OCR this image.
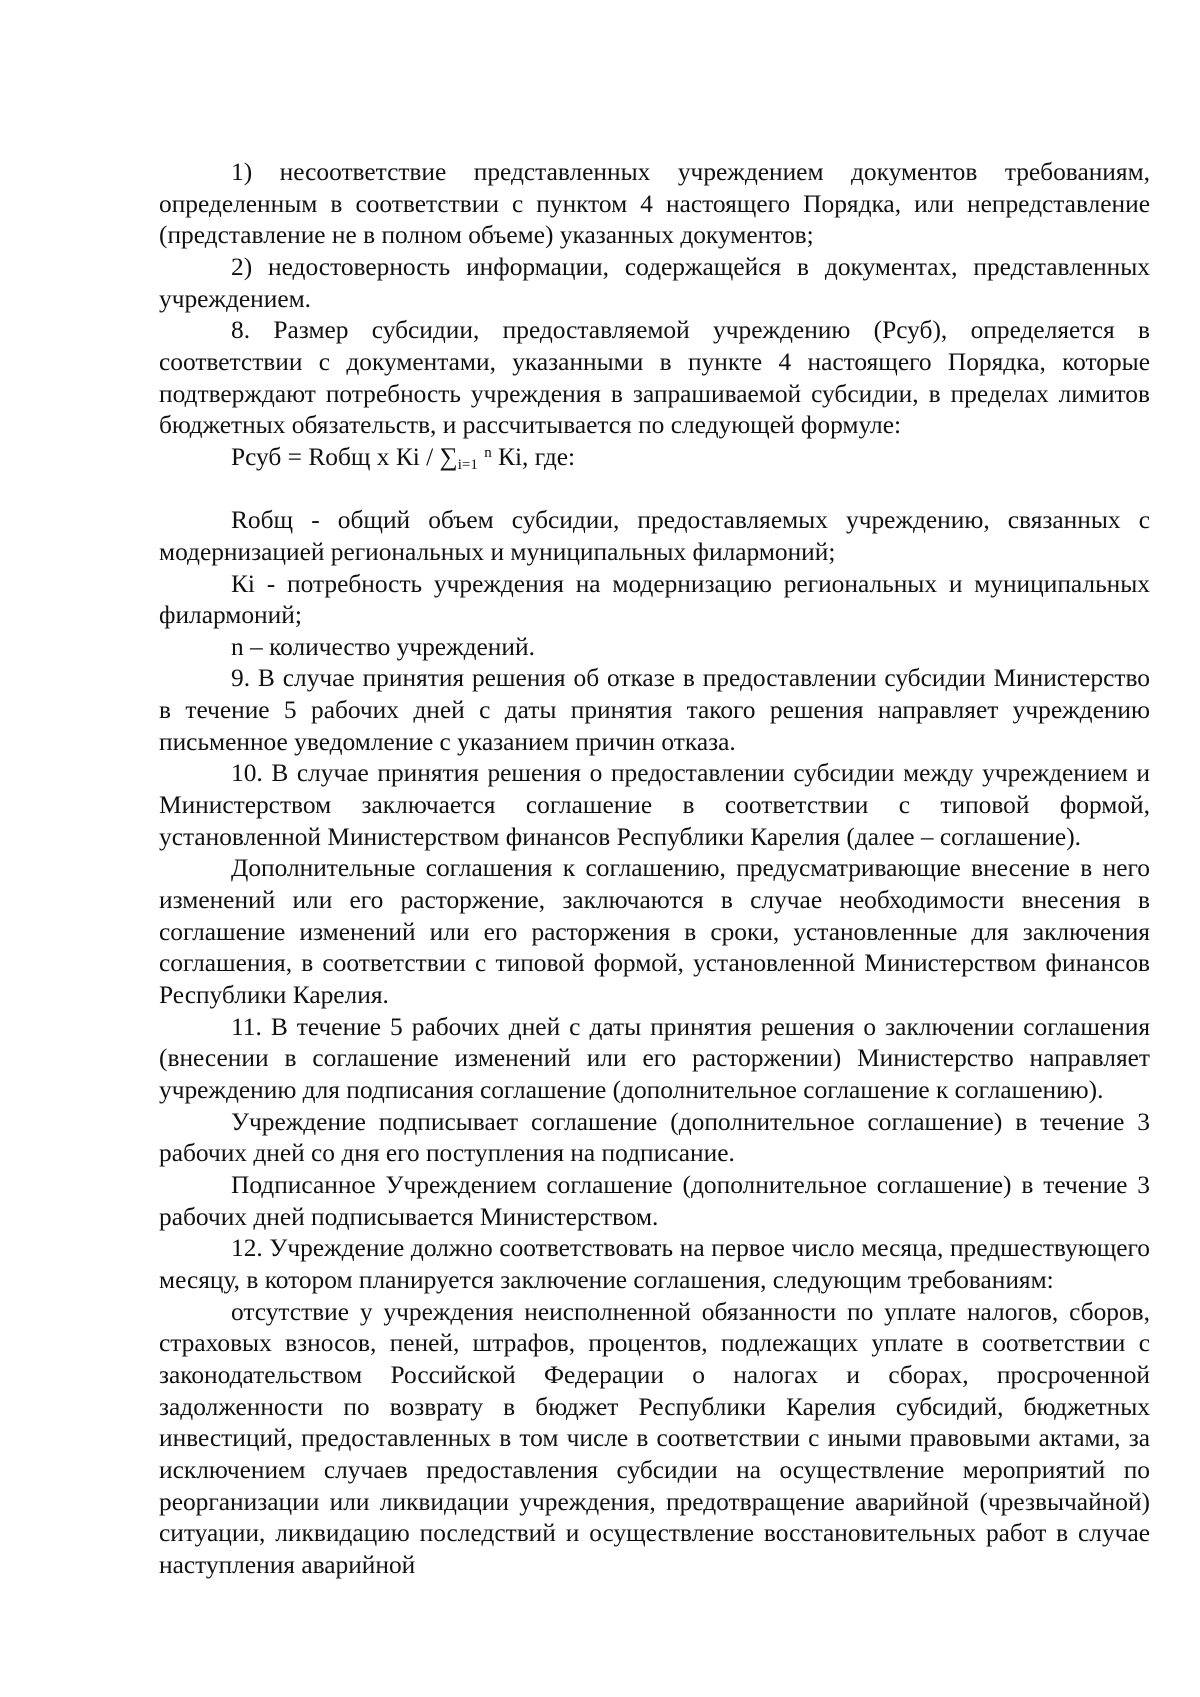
1) несоответствие представленных учреждением документов требованиям, определенным в соответствии с пунктом 4 настоящего Порядка, или непредставление (представление не в полном объеме) указанных документов;

2) недостоверность информации, содержащейся в документах, представленных учреждением.

8. Размер субсидии, предоставляемой учреждению (Рсуб), определяется в соответствии с документами, указанными в пункте 4 настоящего Порядка, которые подтверждают потребность учреждения в запрашиваемой субсидии, в пределах лимитов бюджетных обязательств, и рассчитывается по следующей формуле:

Рсуб = Rобщ x Кi / $\sum_{i=1}$ $^n$ Кi, где:

Rобщ - общий объем субсидии, предоставляемых учреждению, связанных с модернизацией региональных и муниципальных филармоний;

Кi - потребность учреждения на модернизацию региональных и муниципальных филармоний;

n – количество учреждений.

9. В случае принятия решения об отказе в предоставлении субсидии Министерство в течение 5 рабочих дней с даты принятия такого решения направляет учреждению письменное уведомление с указанием причин отказа.

10. В случае принятия решения о предоставлении субсидии между учреждением и Министерством заключается соглашение в соответствии с типовой формой, установленной Министерством финансов Республики Карелия (далее – соглашение).

Дополнительные соглашения к соглашению, предусматривающие внесение в него изменений или его расторжение, заключаются в случае необходимости внесения в соглашение изменений или его расторжения в сроки, установленные для заключения соглашения, в соответствии с типовой формой, установленной Министерством финансов Республики Карелия.

11. В течение 5 рабочих дней с даты принятия решения о заключении соглашения (внесении в соглашение изменений или его расторжении) Министерство направляет учреждению для подписания соглашение (дополнительное соглашение к соглашению).

Учреждение подписывает соглашение (дополнительное соглашение) в течение 3 рабочих дней со дня его поступления на подписание.

Подписанное Учреждением соглашение (дополнительное соглашение) в течение 3 рабочих дней подписывается Министерством.

12. Учреждение должно соответствовать на первое число месяца, предшествующего месяцу, в котором планируется заключение соглашения, следующим требованиям:

отсутствие у учреждения неисполненной обязанности по уплате налогов, сборов, страховых взносов, пеней, штрафов, процентов, подлежащих уплате в соответствии с законодательством Российской Федерации о налогах и сборах, просроченной задолженности по возврату в бюджет Республики Карелия субсидий, бюджетных инвестиций, предоставленных в том числе в соответствии с иными правовыми актами, за исключением случаев предоставления субсидии на осуществление мероприятий по реорганизации или ликвидации учреждения, предотвращение аварийной (чрезвычайной) ситуации, ликвидацию последствий и осуществление восстановительных работ в случае наступления аварийной
